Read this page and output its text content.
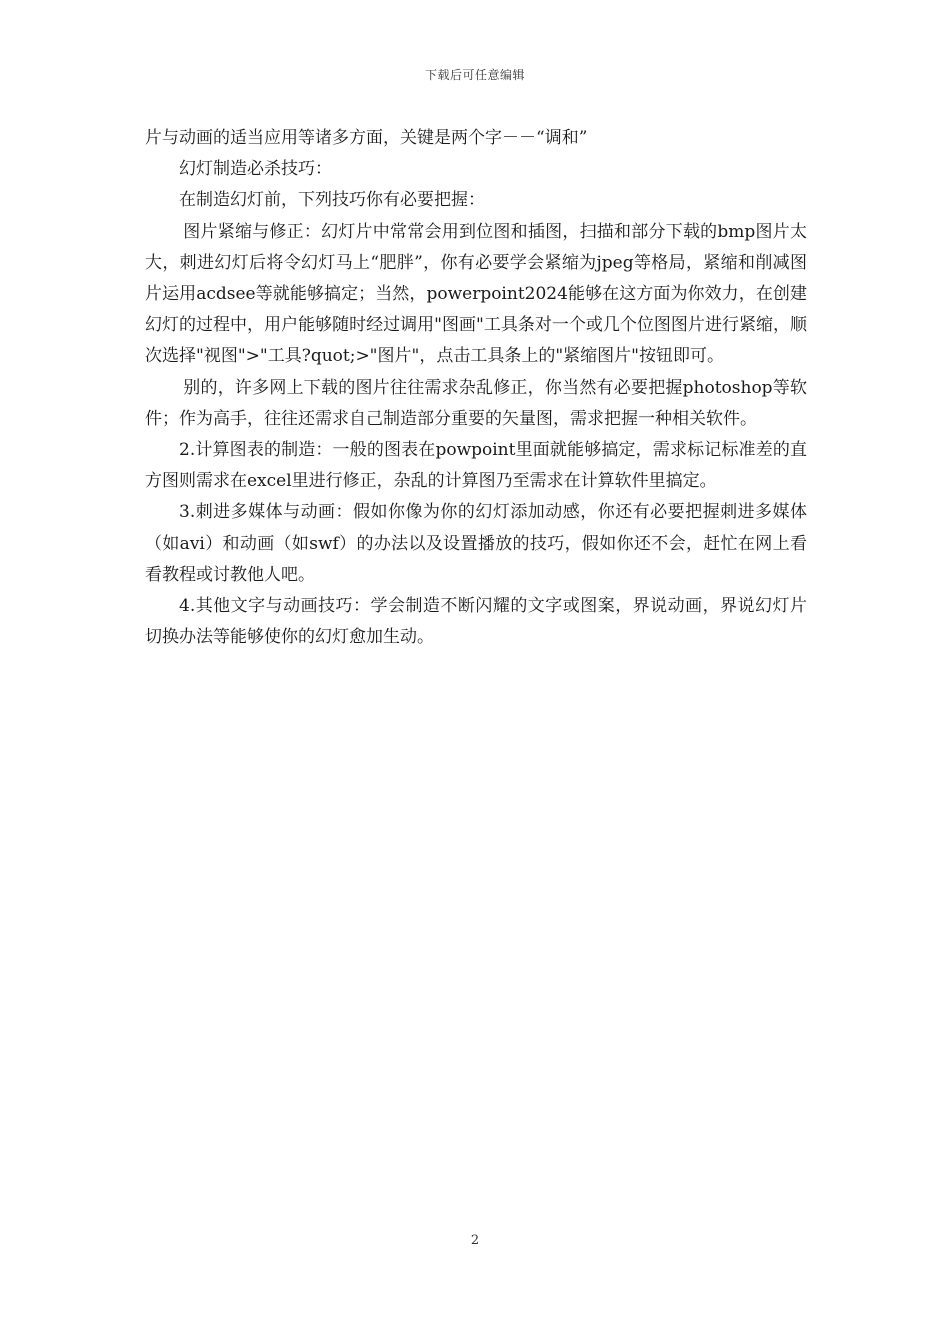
下载后可任意编辑

片与动画的适当应用等诸多方面，关键是两个字－－“调和”

幻灯制造必杀技巧：

在制造幻灯前，下列技巧你有必要把握：

图片紧缩与修正：幻灯片中常常会用到位图和插图，扫描和部分下载的bmp图片太大，刺进幻灯后将令幻灯马上“肥胖”，你有必要学会紧缩为jpeg等格局，紧缩和削减图片运用acdsee等就能够搞定；当然，powerpoint2024能够在这方面为你效力，在创建幻灯的过程中，用户能够随时经过调用"图画"工具条对一个或几个位图图片进行紧缩，顺次选择"视图">"工具?quot;>"图片"，点击工具条上的"紧缩图片"按钮即可。

别的，许多网上下载的图片往往需求杂乱修正，你当然有必要把握photoshop等软件；作为高手，往往还需求自己制造部分重要的矢量图，需求把握一种相关软件。

2.计算图表的制造：一般的图表在powpoint里面就能够搞定，需求标记标准差的直方图则需求在excel里进行修正，杂乱的计算图乃至需求在计算软件里搞定。

3.刺进多媒体与动画：假如你像为你的幻灯添加动感，你还有必要把握刺进多媒体（如avi）和动画（如swf）的办法以及设置播放的技巧，假如你还不会，赶忙在网上看看教程或讨教他人吧。

4.其他文字与动画技巧：学会制造不断闪耀的文字或图案，界说动画，界说幻灯片切换办法等能够使你的幻灯愈加生动。

2
